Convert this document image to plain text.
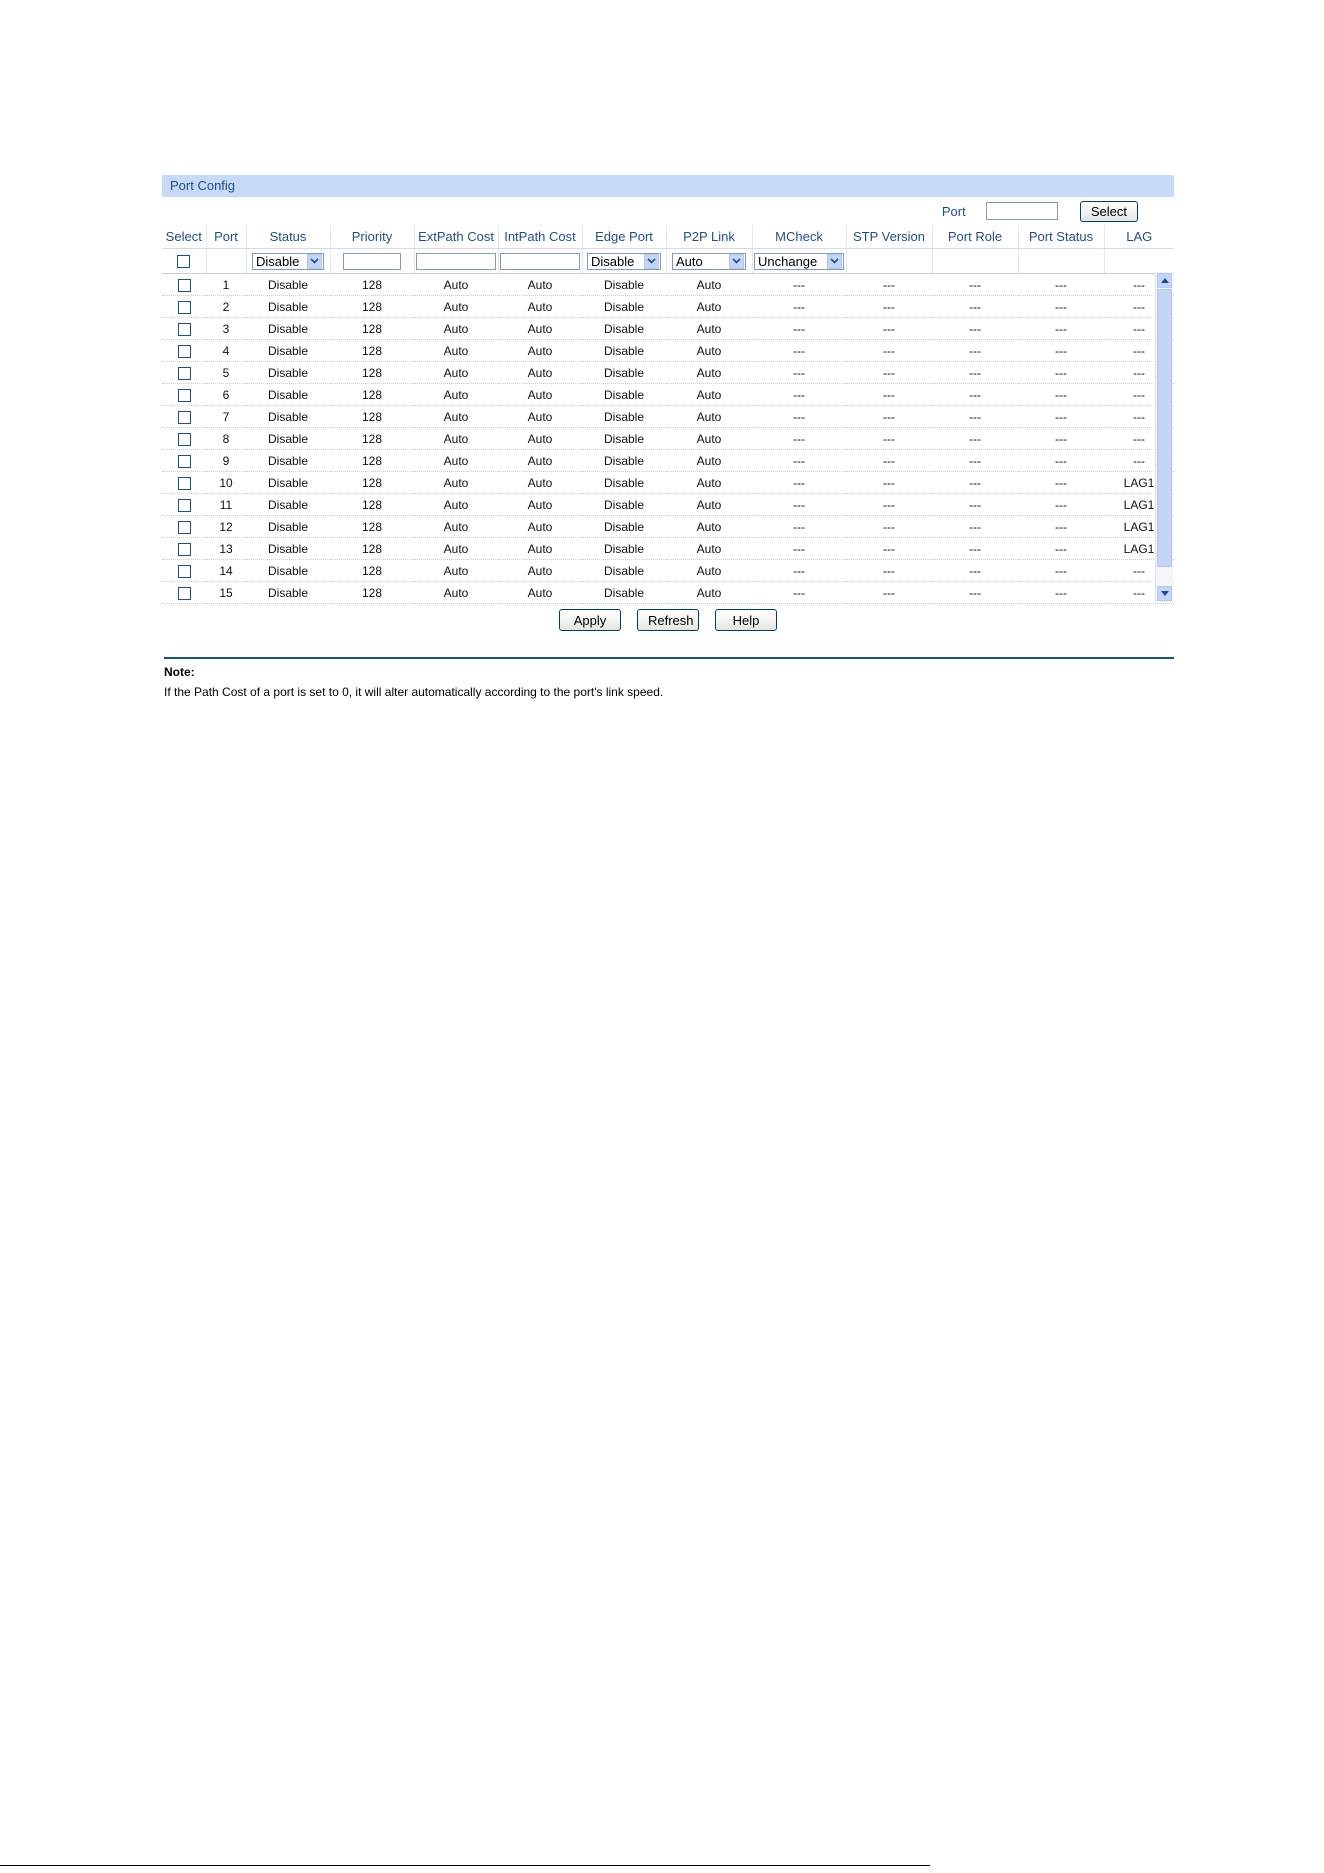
Port Config
Port	Select
Select	Port	Status	Priority	ExtPath Cost	IntPath Cost	Edge Port	P2P Link	MCheck	STP Version	Port Role	Port Status	LAG

		Disable				Disable	Auto	Unchange				

	1	Disable	128	Auto	Auto	Disable	Auto	---	---	---	---	---
	2	Disable	128	Auto	Auto	Disable	Auto	---	---	---	---	---
	3	Disable	128	Auto	Auto	Disable	Auto	---	---	---	---	---
	4	Disable	128	Auto	Auto	Disable	Auto	---	---	---	---	---
	5	Disable	128	Auto	Auto	Disable	Auto	---	---	---	---	---
	6	Disable	128	Auto	Auto	Disable	Auto	---	---	---	---	---
	7	Disable	128	Auto	Auto	Disable	Auto	---	---	---	---	---
	8	Disable	128	Auto	Auto	Disable	Auto	---	---	---	---	---
	9	Disable	128	Auto	Auto	Disable	Auto	---	---	---	---	---
	10	Disable	128	Auto	Auto	Disable	Auto	---	---	---	---	LAG1
	11	Disable	128	Auto	Auto	Disable	Auto	---	---	---	---	LAG1
	12	Disable	128	Auto	Auto	Disable	Auto	---	---	---	---	LAG1
	13	Disable	128	Auto	Auto	Disable	Auto	---	---	---	---	LAG1
	14	Disable	128	Auto	Auto	Disable	Auto	---	---	---	---	---
	15	Disable	128	Auto	Auto	Disable	Auto	---	---	---	---	---
Apply	Refresh	Help
Note:
If the Path Cost of a port is set to 0, it will alter automatically according to the port's link speed.
